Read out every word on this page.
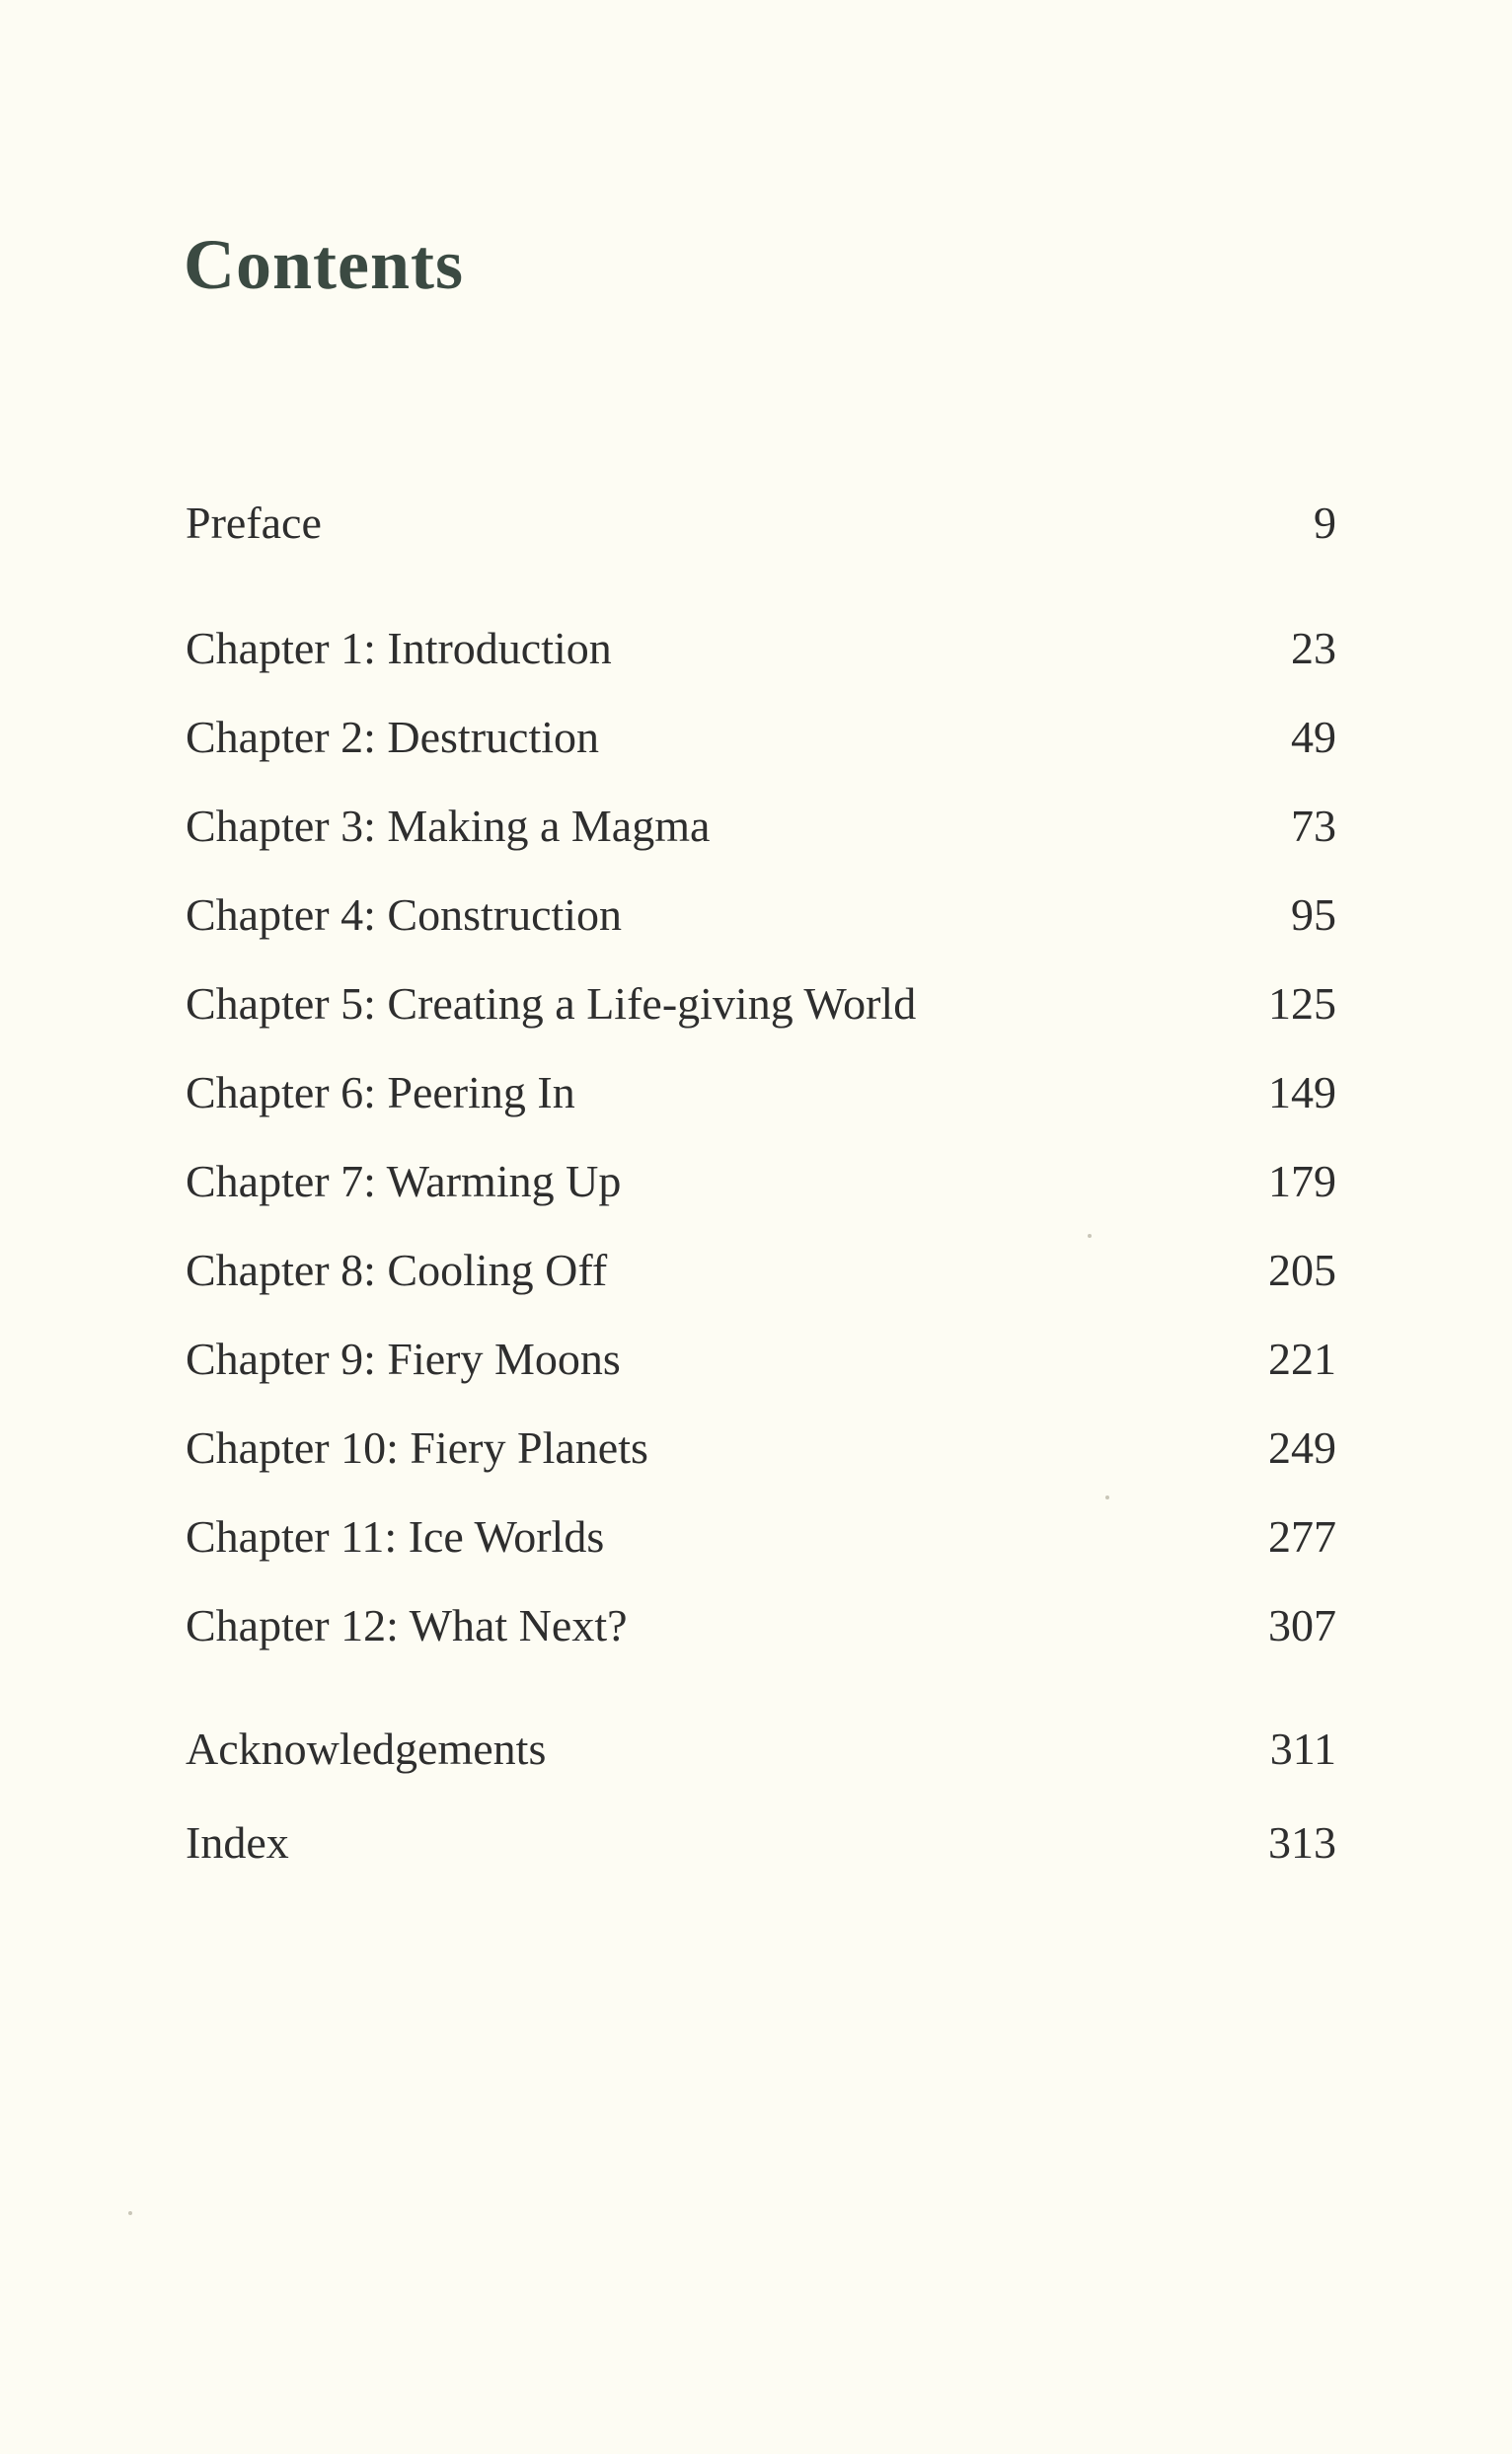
Contents
Preface	9
Chapter 1: Introduction	23
Chapter 2: Destruction	49
Chapter 3: Making a Magma	73
Chapter 4: Construction	95
Chapter 5: Creating a Life-giving World	125
Chapter 6: Peering In	149
Chapter 7: Warming Up	179
Chapter 8: Cooling Off	205
Chapter 9: Fiery Moons	221
Chapter 10: Fiery Planets	249
Chapter 11: Ice Worlds	277
Chapter 12: What Next?	307
Acknowledgements	311
Index	313
